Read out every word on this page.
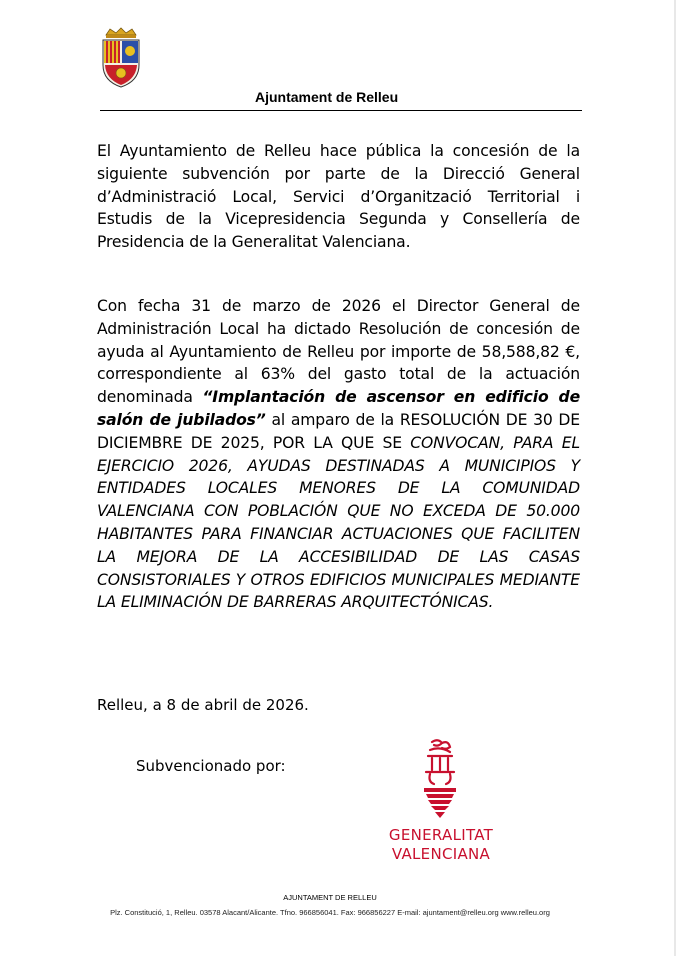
Ajuntament de Relleu
El Ayuntamiento de Relleu hace pública la concesión de la siguiente subvención por parte de la Direcció General d’Administració Local, Servici d’Organització Territorial i Estudis de la Vicepresidencia Segunda y Consellería de Presidencia de la Generalitat Valenciana.
Con fecha 31 de marzo de 2026 el Director General de Administración Local ha dictado Resolución de concesión de ayuda al Ayuntamiento de Relleu por importe de 58,588,82 €, correspondiente al 63% del gasto total de la actuación denominada “Implantación de ascensor en edificio de salón de jubilados” al amparo de la RESOLUCIÓN DE 30 DE DICIEMBRE DE 2025, POR LA QUE SE CONVOCAN, PARA EL EJERCICIO 2026, AYUDAS DESTINADAS A MUNICIPIOS Y ENTIDADES LOCALES MENORES DE LA COMUNIDAD VALENCIANA CON POBLACIÓN QUE NO EXCEDA DE 50.000 HABITANTES PARA FINANCIAR ACTUACIONES QUE FACILITEN LA MEJORA DE LA ACCESIBILIDAD DE LAS CASAS CONSISTORIALES Y OTROS EDIFICIOS MUNICIPALES MEDIANTE LA ELIMINACIÓN DE BARRERAS ARQUITECTÓNICAS.
Relleu, a 8 de abril de 2026.
Subvencionado por:
GENERALITAT
VALENCIANA
AJUNTAMENT DE RELLEU
Plz. Constitució, 1, Relleu. 03578 Alacant/Alicante. Tfno. 966856041. Fax: 966856227 E-mail: ajuntament@relleu.org www.relleu.org
